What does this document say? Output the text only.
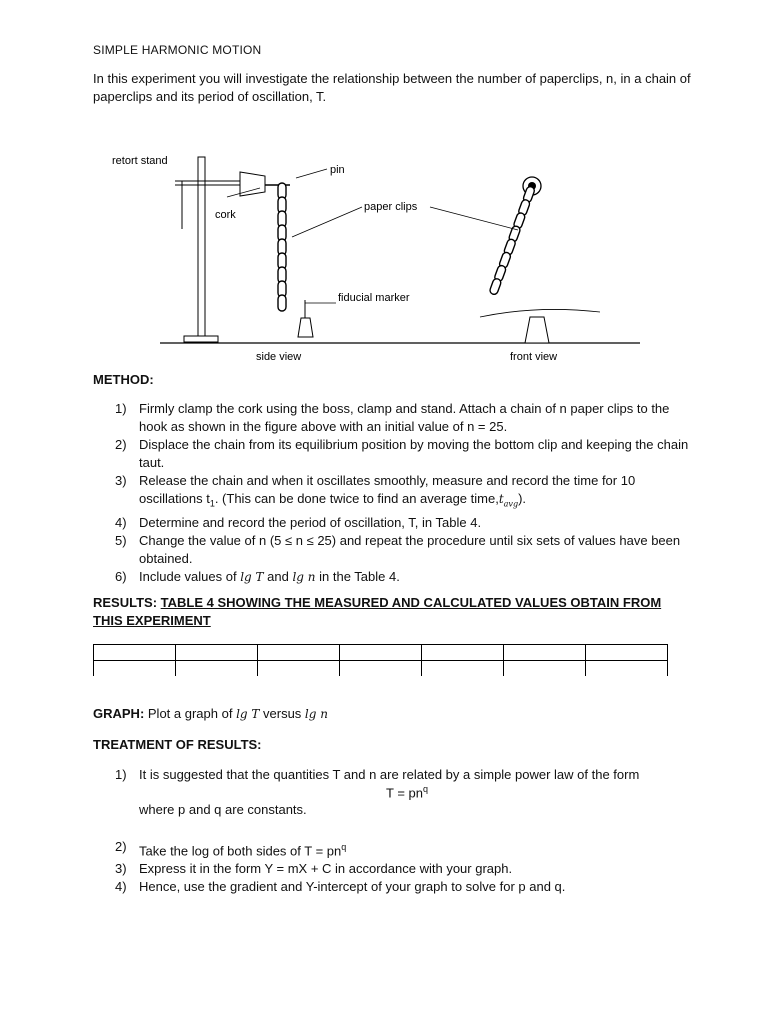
SIMPLE HARMONIC MOTION
In this experiment you will investigate the relationship between the number of paperclips, n, in a chain of paperclips and its period of oscillation, T.
retort stand
pin
cork
paper clips
fiducial marker
side view	front view
METHOD:
1) Firmly clamp the cork using the boss, clamp and stand. Attach a chain of n paper clips to the hook as shown in the figure above with an initial value of n = 25.
2) Displace the chain from its equilibrium position by moving the bottom clip and keeping the chain taut.
3) Release the chain and when it oscillates smoothly, measure and record the time for 10 oscillations $t_1$. (This can be done twice to find an average $time,t_{avg}$).
4) Determine and record the period of oscillation, T, in Table 4.
5) Change the value of n (5 ≤ n ≤ 25) and repeat the procedure until six sets of values have been obtained.
6) Include values of lg T and lg n in the Table 4.
RESULTS: TABLE 4 SHOWING THE MEASURED AND CALCULATED VALUES OBTAIN FROM THIS EXPERIMENT

GRAPH: Plot a graph of lg T versus lg n
TREATMENT OF RESULTS:
1) It is suggested that the quantities T and n are related by a simple power law of the form
$T = pn^q$
where p and q are constants.
2) Take the log of both sides of $T = pn^q$
3) Express it in the form Y = mX + C in accordance with your graph.
4) Hence, use the gradient and Y-intercept of your graph to solve for p and q.
